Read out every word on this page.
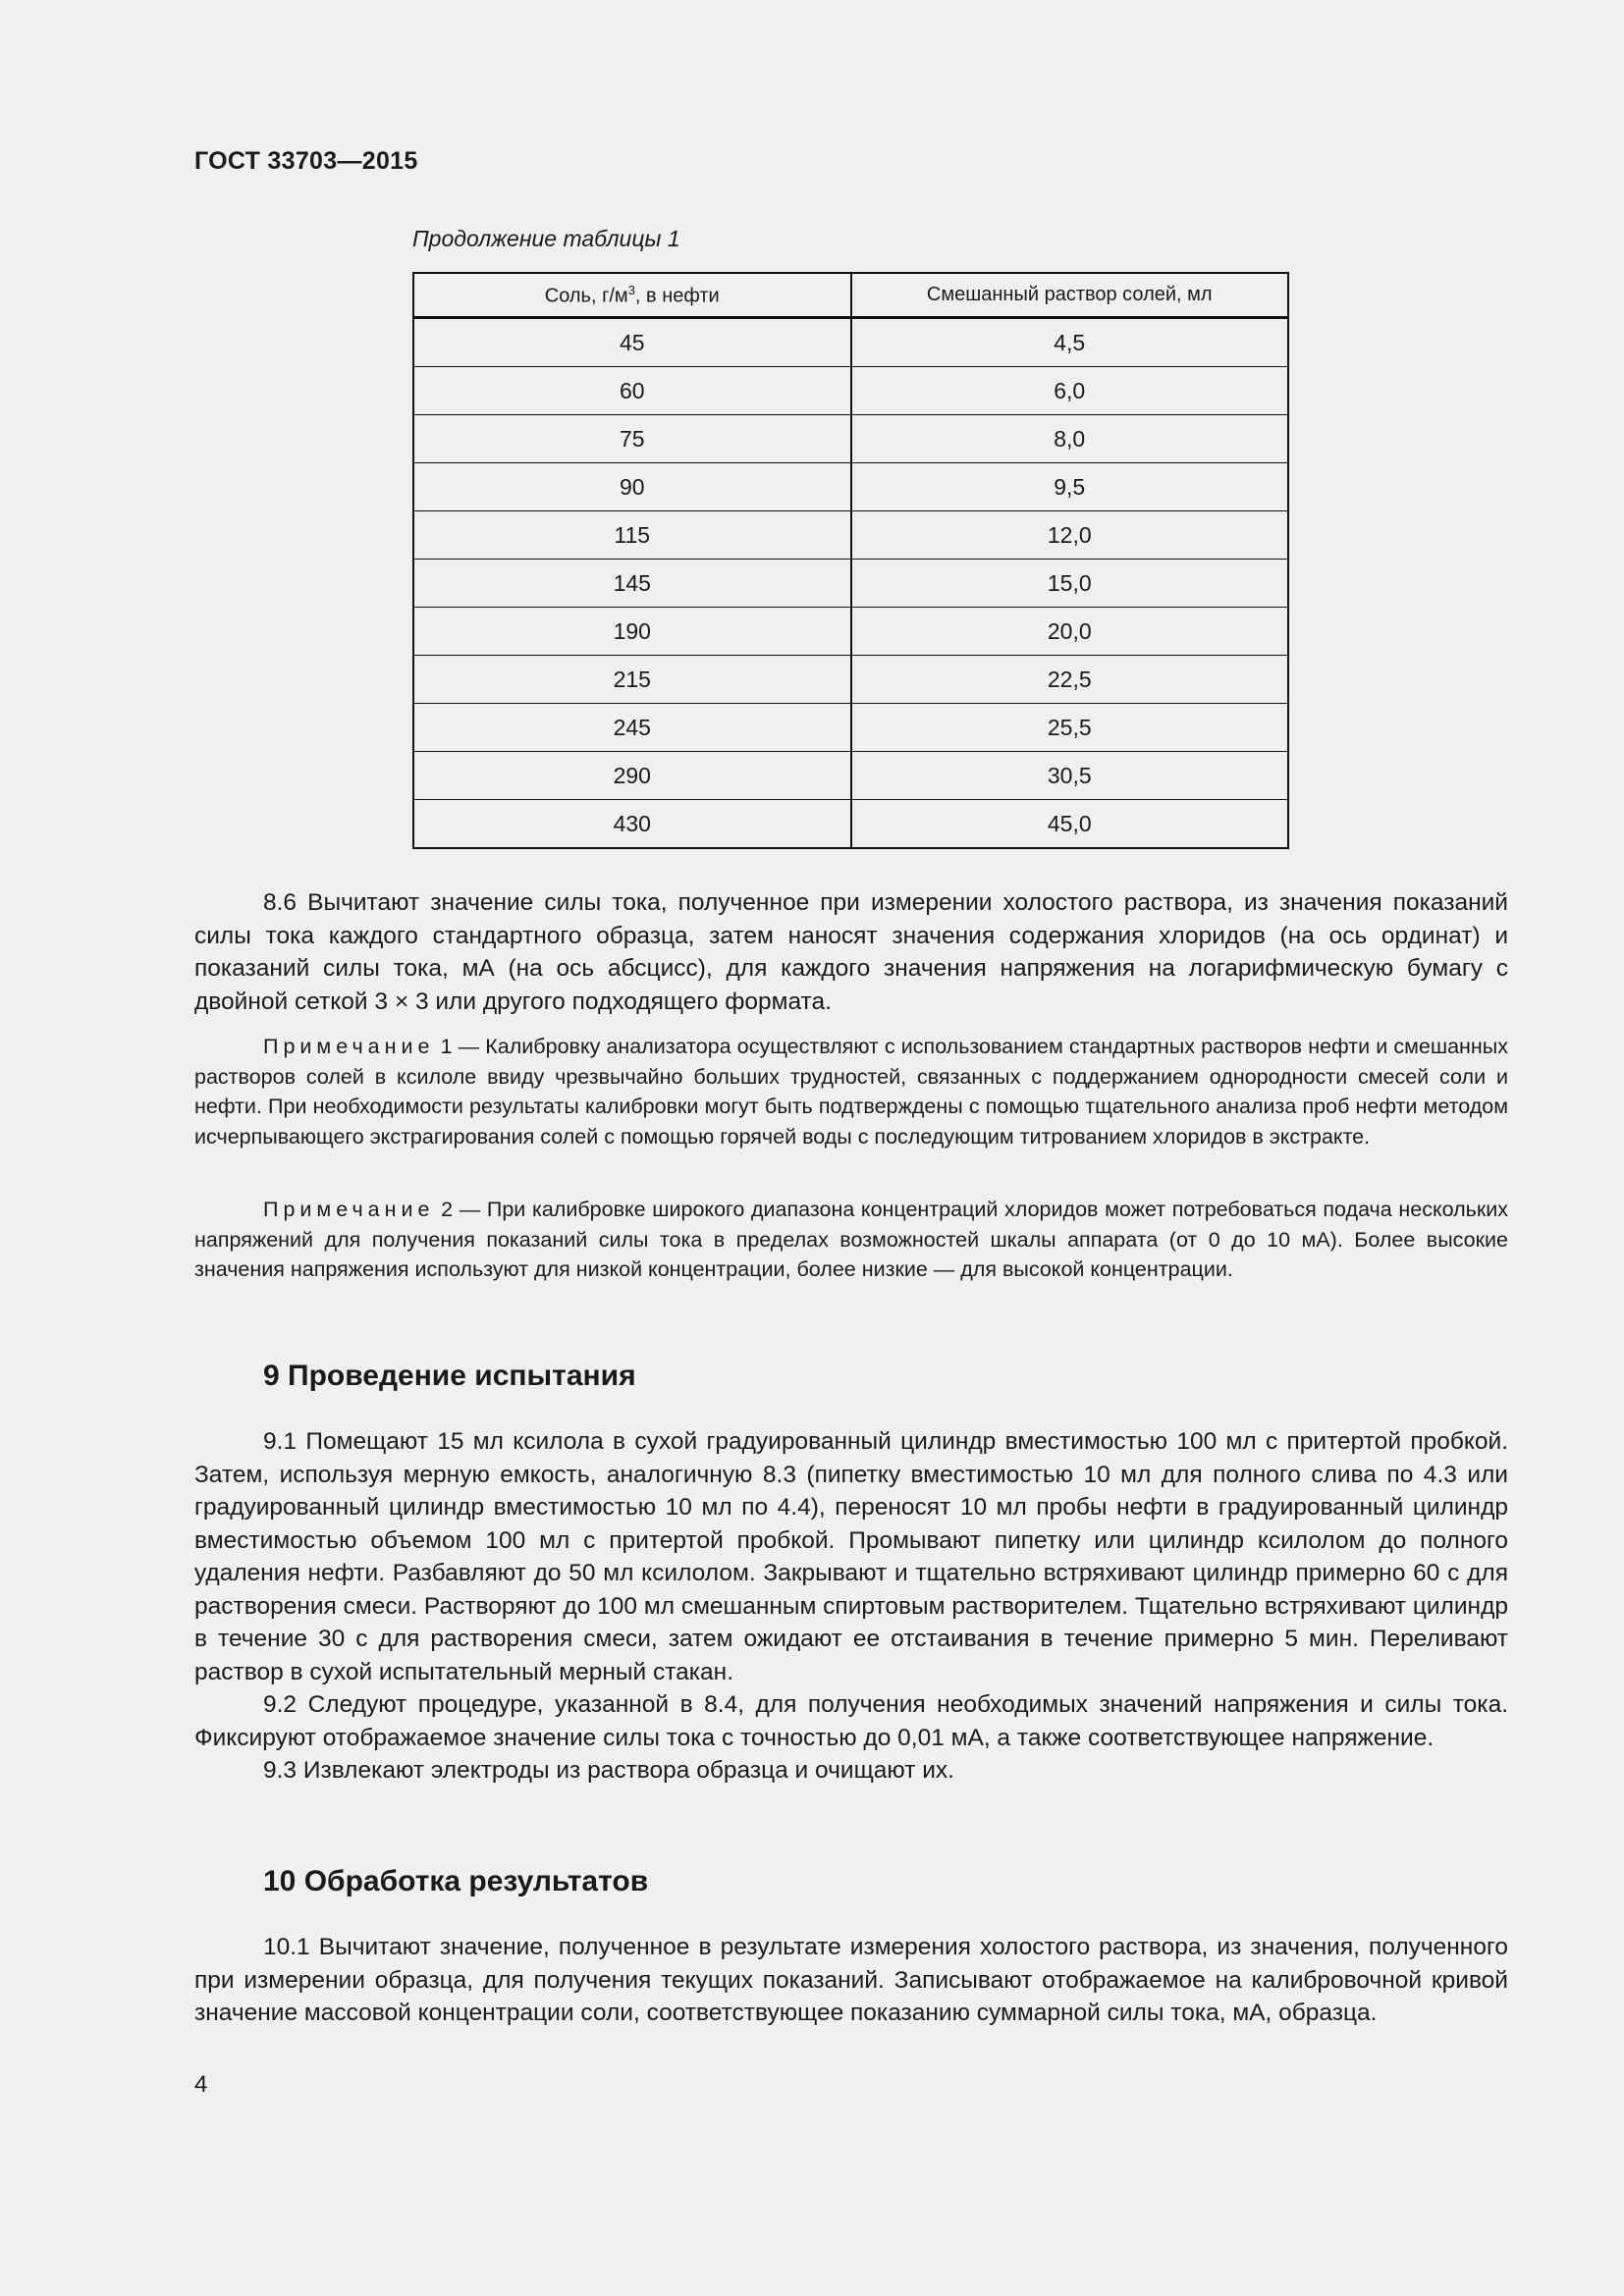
ГОСТ 33703—2015
Продолжение таблицы 1
Соль, $г/м^3$, в нефти	Смешанный раствор солей, мл
45	4,5
60	6,0
75	8,0
90	9,5
115	12,0
145	15,0
190	20,0
215	22,5
245	25,5
290	30,5
430	45,0

8.6 Вычитают значение силы тока, полученное при измерении холостого раствора, из значения показаний силы тока каждого стандартного образца, затем наносят значения содержания хлоридов (на ось ординат) и показаний силы тока, мА (на ось абсцисс), для каждого значения напряжения на логарифмическую бумагу с двойной сеткой 3 × 3 или другого подходящего формата.

Примечание 1 — Калибровку анализатора осуществляют с использованием стандартных растворов нефти и смешанных растворов солей в ксилоле ввиду чрезвычайно больших трудностей, связанных с поддержанием однородности смесей соли и нефти. При необходимости результаты калибровки могут быть подтверждены с помощью тщательного анализа проб нефти методом исчерпывающего экстрагирования солей с помощью горячей воды с последующим титрованием хлоридов в экстракте.

Примечание 2 — При калибровке широкого диапазона концентраций хлоридов может потребоваться подача нескольких напряжений для получения показаний силы тока в пределах возможностей шкалы аппарата (от 0 до 10 мА). Более высокие значения напряжения используют для низкой концентрации, более низкие — для высокой концентрации.

9 Проведение испытания

9.1 Помещают 15 мл ксилола в сухой градуированный цилиндр вместимостью 100 мл с притертой пробкой. Затем, используя мерную емкость, аналогичную 8.3 (пипетку вместимостью 10 мл для полного слива по 4.3 или градуированный цилиндр вместимостью 10 мл по 4.4), переносят 10 мл пробы нефти в градуированный цилиндр вместимостью объемом 100 мл с притертой пробкой. Промывают пипетку или цилиндр ксилолом до полного удаления нефти. Разбавляют до 50 мл ксилолом. Закрывают и тщательно встряхивают цилиндр примерно 60 с для растворения смеси. Растворяют до 100 мл смешанным спиртовым растворителем. Тщательно встряхивают цилиндр в течение 30 с для растворения смеси, затем ожидают ее отстаивания в течение примерно 5 мин. Переливают раствор в сухой испытательный мерный стакан.

9.2 Следуют процедуре, указанной в 8.4, для получения необходимых значений напряжения и силы тока. Фиксируют отображаемое значение силы тока с точностью до 0,01 мА, а также соответствующее напряжение.

9.3 Извлекают электроды из раствора образца и очищают их.

10 Обработка результатов

10.1 Вычитают значение, полученное в результате измерения холостого раствора, из значения, полученного при измерении образца, для получения текущих показаний. Записывают отображаемое на калибровочной кривой значение массовой концентрации соли, соответствующее показанию суммарной силы тока, мА, образца.

4
